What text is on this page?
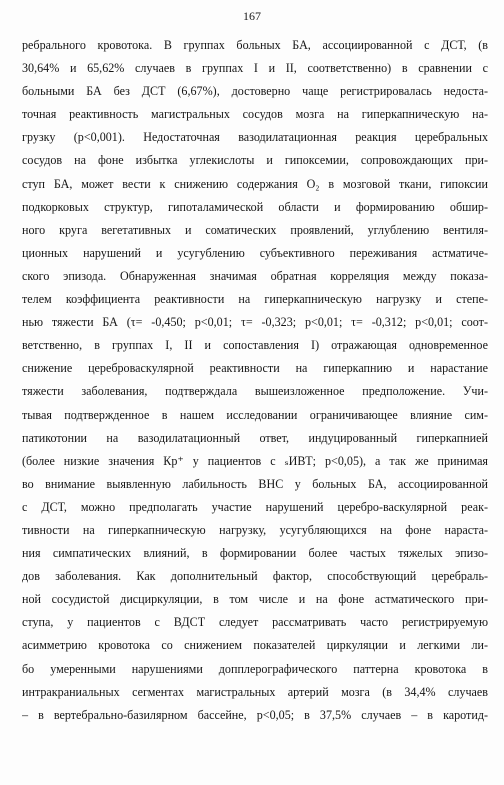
167
ребрального кровотока. В группах больных БА, ассоциированной с ДСТ, (в
30,64% и 65,62% случаев в группах I и II, соответственно) в сравнении с
больными БА без ДСТ (6,67%), достоверно чаще регистрировалась недоста-
точная реактивность магистральных сосудов мозга на гиперкапническую на-
грузку (p<0,001). Недостаточная вазодилатационная реакция церебральных
сосудов на фоне избытка углекислоты и гипоксемии, сопровождающих при-
ступ БА, может вести к снижению содержания O₂ в мозговой ткани, гипоксии
подкорковых структур, гипоталамической области и формированию обшир-
ного круга вегетативных и соматических проявлений, углублению вентиля-
ционных нарушений и усугублению субъективного переживания астматиче-
ского эпизода. Обнаруженная значимая обратная корреляция между показа-
телем коэффициента реактивности на гиперкапническую нагрузку и степе-
нью тяжести БА (τ= -0,450; p<0,01; τ= -0,323; p<0,01; τ= -0,312; p<0,01; соот-
ветственно, в группах I, II и сопоставления I) отражающая одновременное
снижение цереброваскулярной реактивности на гиперкапнию и нарастание
тяжести заболевания, подтверждала вышеизложенное предположение. Учи-
тывая подтвержденное в нашем исследовании ограничивающее влияние сим-
патикотонии на вазодилатационный ответ, индуцированный гиперкапнией
(более низкие значения Кр⁺ у пациентов с ₛИВТ; p<0,05), а так же принимая
во внимание выявленную лабильность ВНС у больных БА, ассоциированной
с ДСТ, можно предполагать участие нарушений церебро-васкулярной реак-
тивности на гиперкапническую нагрузку, усугубляющихся на фоне нараста-
ния симпатических влияний, в формировании более частых тяжелых эпизо-
дов заболевания. Как дополнительный фактор, способствующий церебраль-
ной сосудистой дисциркуляции, в том числе и на фоне астматического при-
ступа, у пациентов с ВДСТ следует рассматривать часто регистрируемую
асимметрию кровотока со снижением показателей циркуляции и легкими ли-
бо умеренными нарушениями допплерографического паттерна кровотока в
интракраниальных сегментах магистральных артерий мозга (в 34,4% случаев
– в вертебрально-базилярном бассейне, p<0,05; в 37,5% случаев – в каротид-
